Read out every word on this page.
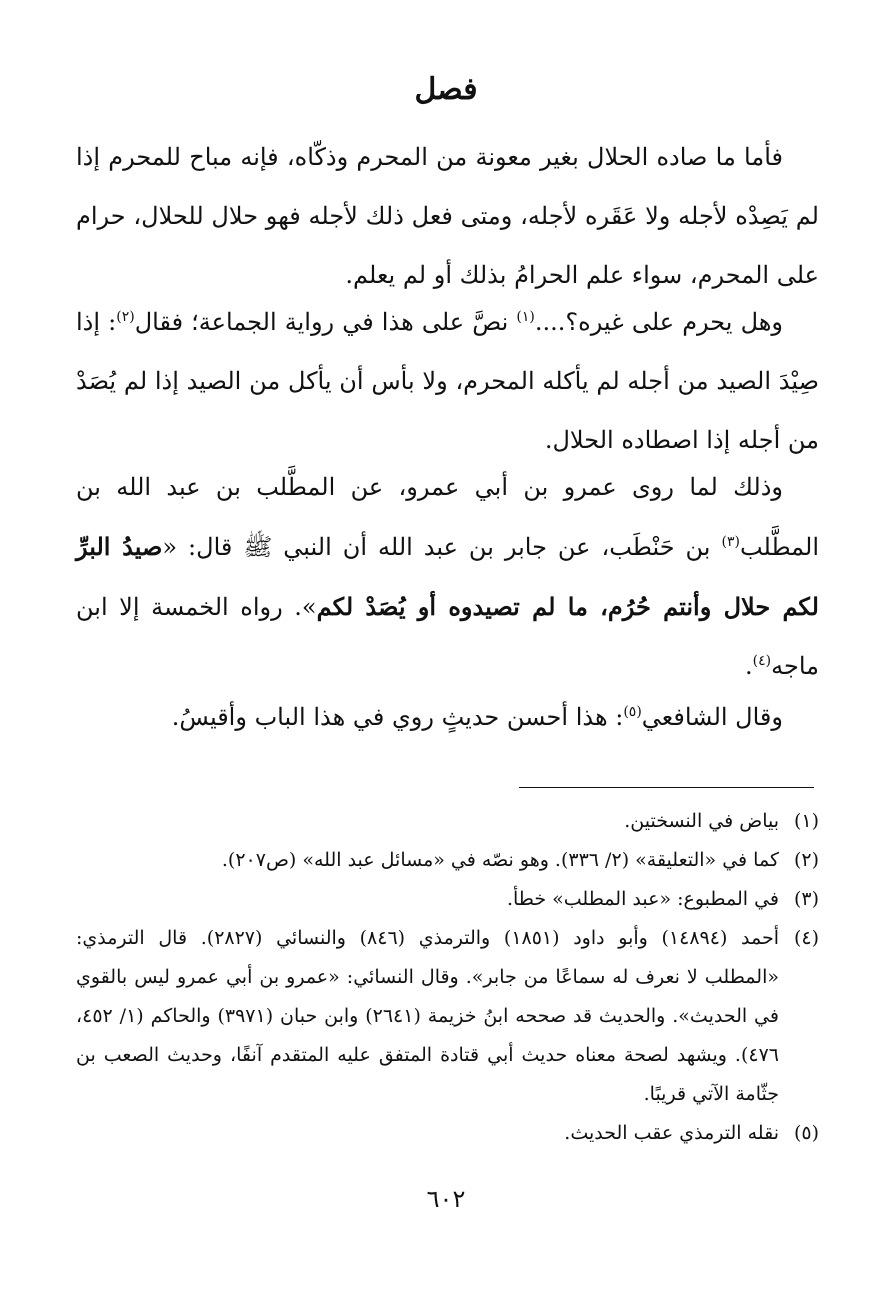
فصل
فأما ما صاده الحلال بغير معونة من المحرم وذكّاه، فإنه مباح للمحرم إذا لم يَصِدْه لأجله ولا عَقَره لأجله، ومتى فعل ذلك لأجله فهو حلال للحلال، حرام على المحرم، سواء علم الحرامُ بذلك أو لم يعلم.
وهل يحرم على غيره؟....$^{(١)}$ نصَّ على هذا في رواية الجماعة؛ فقال$^{(٢)}$: إذا صِيْدَ الصيد من أجله لم يأكله المحرم، ولا بأس أن يأكل من الصيد إذا لم يُصَدْ من أجله إذا اصطاده الحلال.
وذلك لما روى عمرو بن أبي عمرو، عن المطَّلب بن عبد الله بن المطَّلب$^{(٣)}$ بن حَنْطَب، عن جابر بن عبد الله أن النبي ﷺ قال: «صيدُ البرِّ لكم حلال وأنتم حُرُم، ما لم تصيدوه أو يُصَدْ لكم». رواه الخمسة إلا ابن ماجه$^{(٤)}$.
وقال الشافعي$^{(٥)}$: هذا أحسن حديثٍ روي في هذا الباب وأقيسُ.
(١)
بياض في النسختين.
(٢)
كما في «التعليقة» (٢/ ٣٣٦). وهو نصّه في «مسائل عبد الله» (ص٢٠٧).
(٣)
في المطبوع: «عبد المطلب» خطأ.
(٤)
أحمد (١٤٨٩٤) وأبو داود (١٨٥١) والترمذي (٨٤٦) والنسائي (٢٨٢٧). قال الترمذي: «المطلب لا نعرف له سماعًا من جابر». وقال النسائي: «عمرو بن أبي عمرو ليس بالقوي في الحديث». والحديث قد صححه ابنُ خزيمة (٢٦٤١) وابن حبان (٣٩٧١) والحاكم (١/ ٤٥٢، ٤٧٦). ويشهد لصحة معناه حديث أبي قتادة المتفق عليه المتقدم آنفًا، وحديث الصعب بن جثّامة الآتي قريبًا.
(٥)
نقله الترمذي عقب الحديث.
٦٠٢
